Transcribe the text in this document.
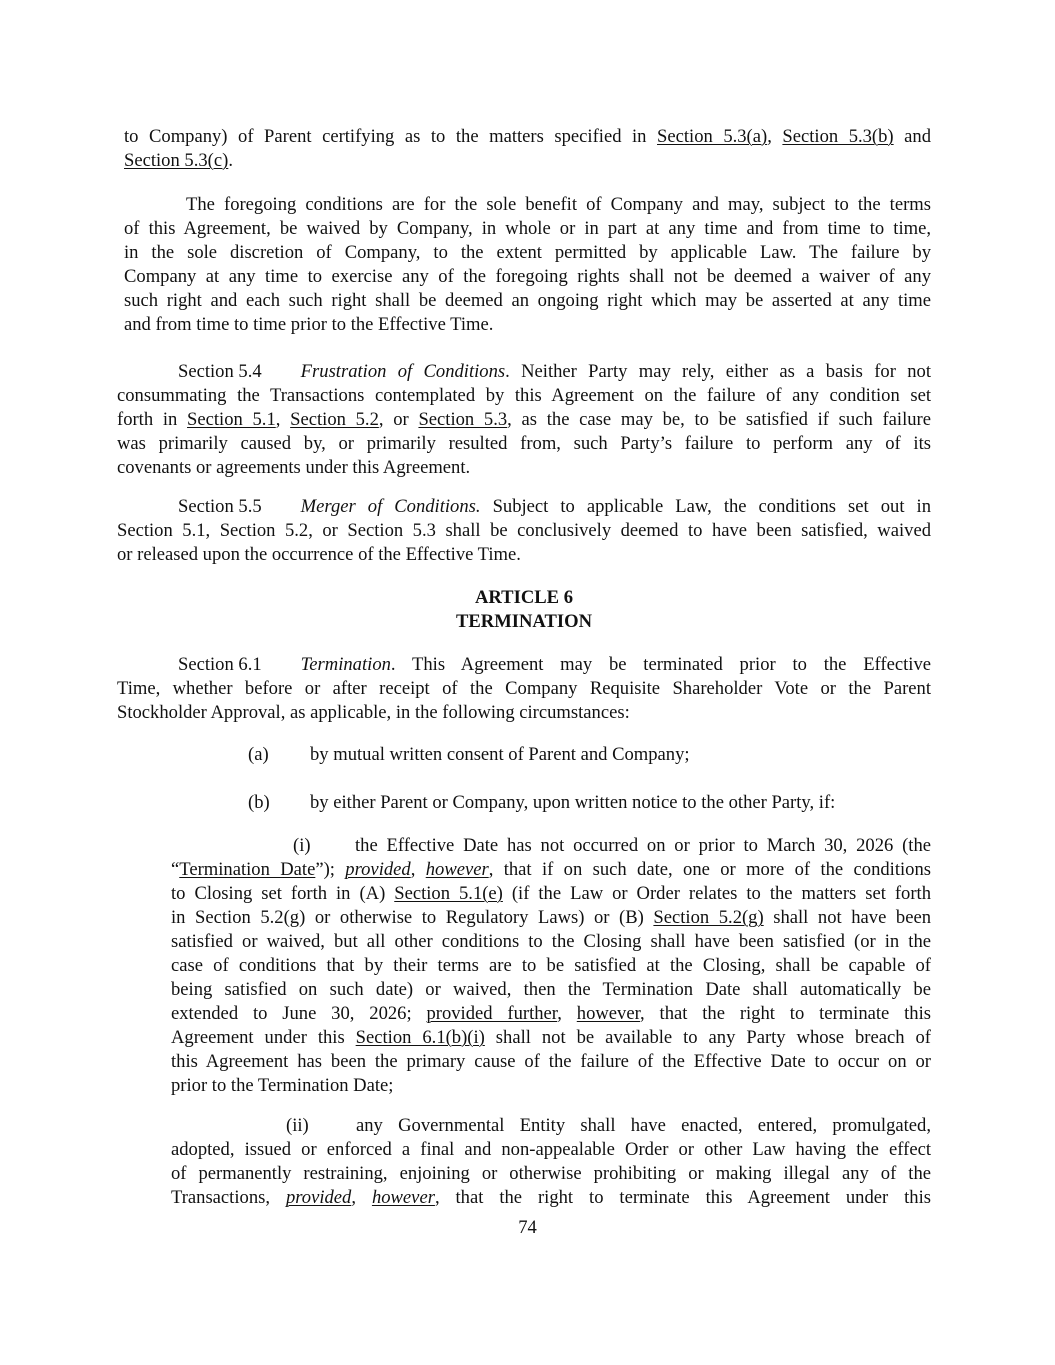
to Company) of Parent certifying as to the matters specified in Section 5.3(a), Section 5.3(b) and
Section 5.3(c).
The foregoing conditions are for the sole benefit of Company and may, subject to the terms
of this Agreement, be waived by Company, in whole or in part at any time and from time to time,
in the sole discretion of Company, to the extent permitted by applicable Law. The failure by
Company at any time to exercise any of the foregoing rights shall not be deemed a waiver of any
such right and each such right shall be deemed an ongoing right which may be asserted at any time
and from time to time prior to the Effective Time.
Section 5.4 Frustration of Conditions. Neither Party may rely, either as a basis for not
consummating the Transactions contemplated by this Agreement on the failure of any condition set
forth in Section 5.1, Section 5.2, or Section 5.3, as the case may be, to be satisfied if such failure
was primarily caused by, or primarily resulted from, such Party’s failure to perform any of its
covenants or agreements under this Agreement.
Section 5.5 Merger of Conditions. Subject to applicable Law, the conditions set out in
Section 5.1, Section 5.2, or Section 5.3 shall be conclusively deemed to have been satisfied, waived
or released upon the occurrence of the Effective Time.
ARTICLE 6
TERMINATION
Section 6.1 Termination. This Agreement may be terminated prior to the Effective
Time, whether before or after receipt of the Company Requisite Shareholder Vote or the Parent
Stockholder Approval, as applicable, in the following circumstances:
(a) by mutual written consent of Parent and Company;
(b) by either Parent or Company, upon written notice to the other Party, if:
(i) the Effective Date has not occurred on or prior to March 30, 2026 (the
“Termination Date”); provided, however, that if on such date, one or more of the conditions
to Closing set forth in (A) Section 5.1(e) (if the Law or Order relates to the matters set forth
in Section 5.2(g) or otherwise to Regulatory Laws) or (B) Section 5.2(g) shall not have been
satisfied or waived, but all other conditions to the Closing shall have been satisfied (or in the
case of conditions that by their terms are to be satisfied at the Closing, shall be capable of
being satisfied on such date) or waived, then the Termination Date shall automatically be
extended to June 30, 2026; provided further, however, that the right to terminate this
Agreement under this Section 6.1(b)(i) shall not be available to any Party whose breach of
this Agreement has been the primary cause of the failure of the Effective Date to occur on or
prior to the Termination Date;
(ii)	any Governmental Entity shall have enacted, entered, promulgated,
adopted, issued or enforced a final and non-appealable Order or other Law having the effect
of permanently restraining, enjoining or otherwise prohibiting or making illegal any of the
Transactions, provided, however, that the right to terminate this Agreement under this
74
